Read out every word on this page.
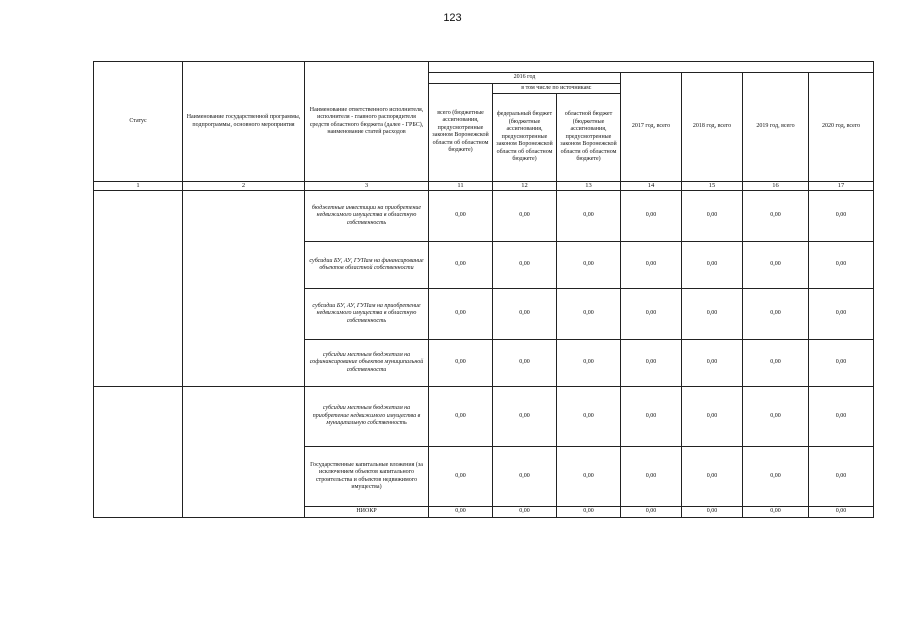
123
Статус	Наименование государственной программы, подпрограммы, основного мероприятия	Наименование ответственного исполнителя, исполнителя - главного распорядителя средств областного бюджета (далее - ГРБС), наименование статей расходов							
			2016 год			2017 год, всего	2018 год, всего	2019 год, всего	2020 год, всего
			всего (бюджетные ассигнования, предусмотренные законом Воронежской области об областном бюджете)	в том числе по источникам:					
				федеральный бюджет (бюджетные ассигнования, предусмотренные законом Воронежской области об областном бюджете)	областной бюджет (бюджетные ассигнования, предусмотренные законом Воронежской области об областном бюджете)				
1	2	3	11	12	13	14	15	16	17
		бюджетные инвестиции на приобретение недвижимого имущества в областную собственность	0,00	0,00	0,00	0,00	0,00	0,00	0,00
		субсидии БУ, АУ, ГУПам на финансирование объектов областной собственности	0,00	0,00	0,00	0,00	0,00	0,00	0,00
		субсидии БУ, АУ, ГУПам на приобретение недвижимого имущества в областную собственность	0,00	0,00	0,00	0,00	0,00	0,00	0,00
		субсидии местным бюджетам на софинансирование объектов муниципальной собственности	0,00	0,00	0,00	0,00	0,00	0,00	0,00
		субсидии местным бюджетам на приобретение недвижимого имущества в муниципальную собственность	0,00	0,00	0,00	0,00	0,00	0,00	0,00
		Государственные капитальные вложения (за исключением объектов капитального строительства и объектов недвижимого имущества)	0,00	0,00	0,00	0,00	0,00	0,00	0,00
		НИОКР	0,00	0,00	0,00	0,00	0,00	0,00	0,00
